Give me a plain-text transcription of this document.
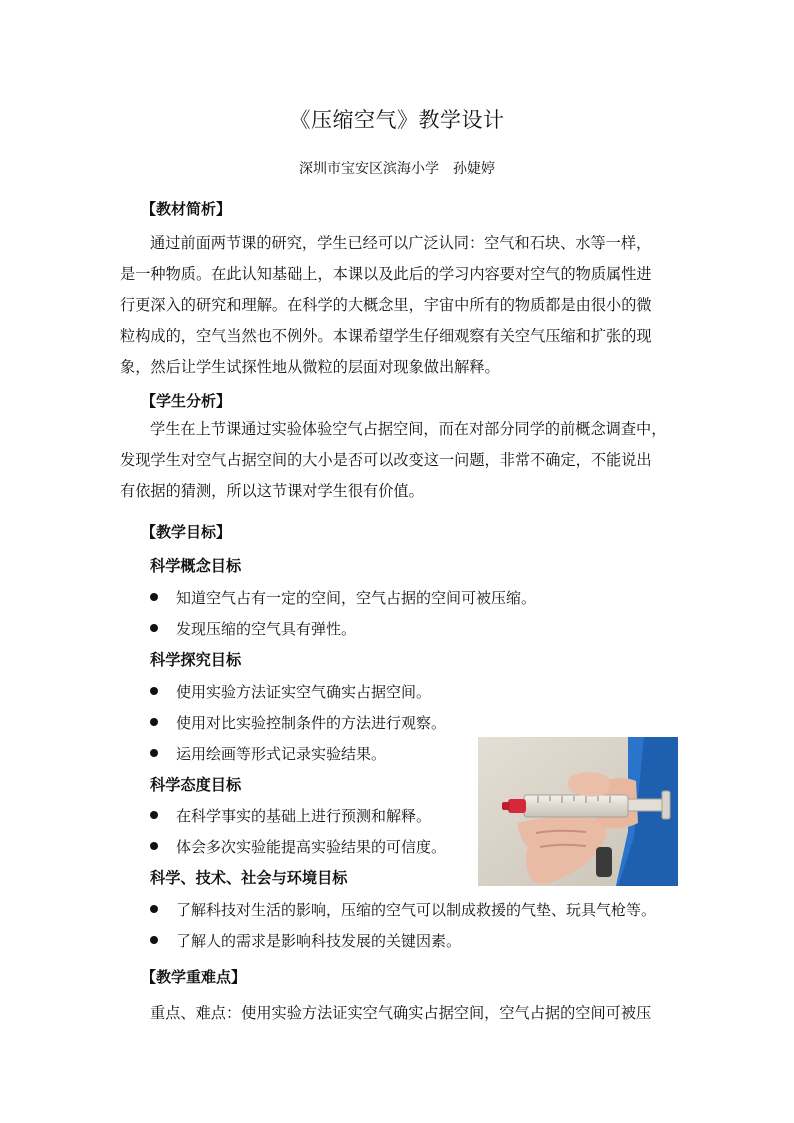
《压缩空气》教学设计
深圳市宝安区滨海小学 孙婕婷
【教材简析】
通过前面两节课的研究，学生已经可以广泛认同：空气和石块、水等一样，
是一种物质。在此认知基础上，本课以及此后的学习内容要对空气的物质属性进
行更深入的研究和理解。在科学的大概念里，宇宙中所有的物质都是由很小的微
粒构成的，空气当然也不例外。本课希望学生仔细观察有关空气压缩和扩张的现
象，然后让学生试探性地从微粒的层面对现象做出解释。
【学生分析】
学生在上节课通过实验体验空气占据空间，而在对部分同学的前概念调查中，
发现学生对空气占据空间的大小是否可以改变这一问题，非常不确定，不能说出
有依据的猜测，所以这节课对学生很有价值。
【教学目标】
科学概念目标
知道空气占有一定的空间，空气占据的空间可被压缩。
发现压缩的空气具有弹性。
科学探究目标
使用实验方法证实空气确实占据空间。
使用对比实验控制条件的方法进行观察。
运用绘画等形式记录实验结果。
科学态度目标
在科学事实的基础上进行预测和解释。
体会多次实验能提高实验结果的可信度。
科学、技术、社会与环境目标
了解科技对生活的影响，压缩的空气可以制成救援的气垫、玩具气枪等。
了解人的需求是影响科技发展的关键因素。
【教学重难点】
重点、难点：使用实验方法证实空气确实占据空间，空气占据的空间可被压
